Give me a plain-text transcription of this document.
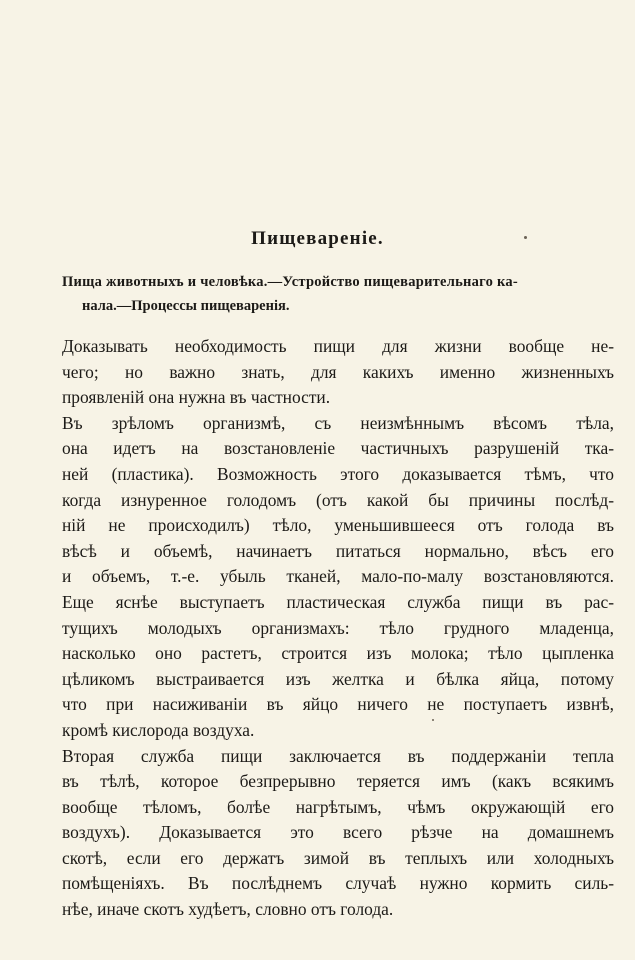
Пищевареніе.
Пища животныхъ и человѣка.—Устройство пищеварительнаго ка-
нала.—Процессы пищеваренія.
Доказывать необходимость пищи для жизни вообще не-
чего; но важно знать, для какихъ именно жизненныхъ
проявленій она нужна въ частности.
Въ зрѣломъ организмѣ, съ неизмѣннымъ вѣсомъ тѣла,
она идетъ на возстановленіе частичныхъ разрушеній тка-
ней (пластика). Возможность этого доказывается тѣмъ, что
когда изнуренное голодомъ (отъ какой бы причины послѣд-
ній не происходилъ) тѣло, уменьшившееся отъ голода въ
вѣсѣ и объемѣ, начинаетъ питаться нормально, вѣсъ его
и объемъ, т.-е. убыль тканей, мало-по-малу возстановляются.
Еще яснѣе выступаетъ пластическая служба пищи въ рас-
тущихъ молодыхъ организмахъ: тѣло грудного младенца,
насколько оно растетъ, строится изъ молока; тѣло цыпленка
цѣликомъ выстраивается изъ желтка и бѣлка яйца, потому
что при насиживаніи въ яйцо ничего не поступаетъ извнѣ,
кромѣ кислорода воздуха.
Вторая служба пищи заключается въ поддержаніи тепла
въ тѣлѣ, которое безпрерывно теряется имъ (какъ всякимъ
вообще тѣломъ, болѣе нагрѣтымъ, чѣмъ окружающій его
воздухъ). Доказывается это всего рѣзче на домашнемъ
скотѣ, если его держатъ зимой въ теплыхъ или холодныхъ
помѣщеніяхъ. Въ послѣднемъ случаѣ нужно кормить силь-
нѣе, иначе скотъ худѣетъ, словно отъ голода.
